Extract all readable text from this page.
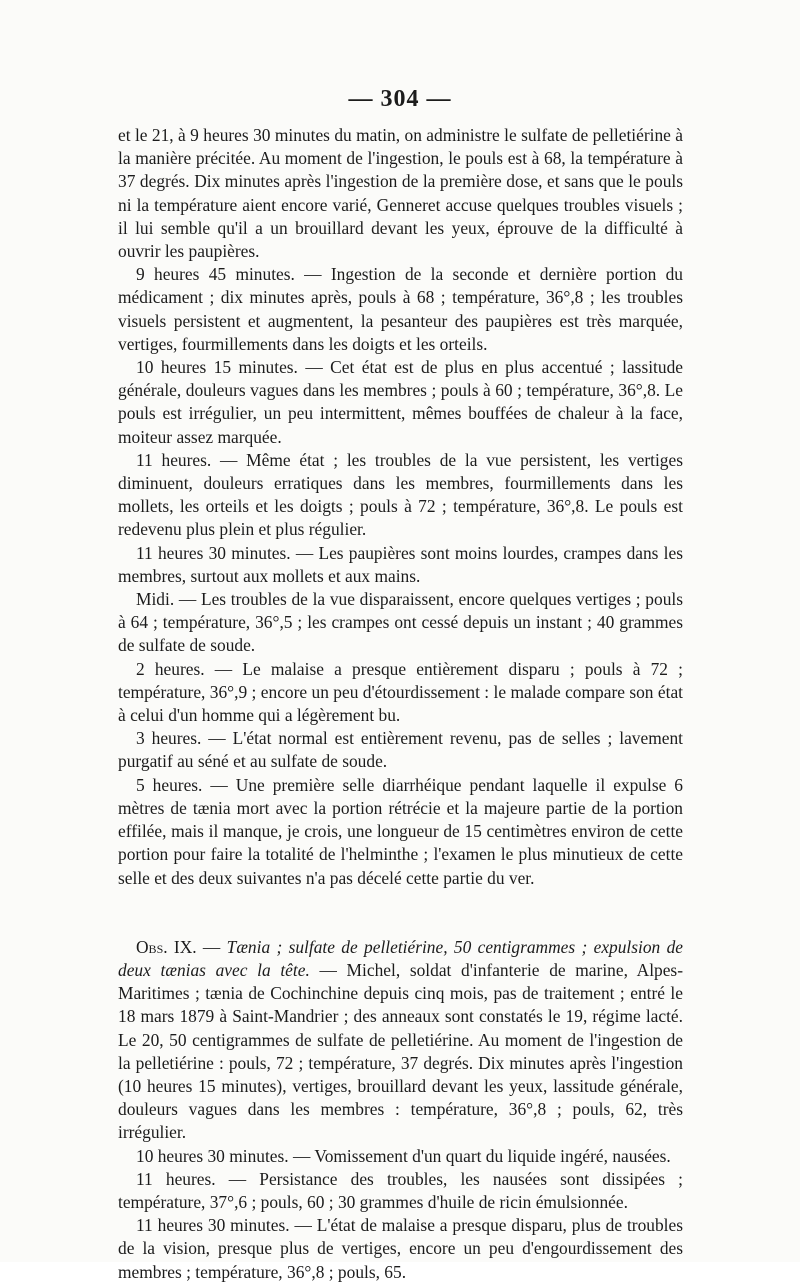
— 304 —

et le 21, à 9 heures 30 minutes du matin, on administre le sulfate de pelletiérine à la manière précitée. Au moment de l'ingestion, le pouls est à 68, la température à 37 degrés. Dix minutes après l'ingestion de la première dose, et sans que le pouls ni la température aient encore varié, Genneret accuse quelques troubles visuels ; il lui semble qu'il a un brouillard devant les yeux, éprouve de la difficulté à ouvrir les paupières.

9 heures 45 minutes. — Ingestion de la seconde et dernière portion du médicament ; dix minutes après, pouls à 68 ; température, 36°,8 ; les troubles visuels persistent et augmentent, la pesanteur des paupières est très marquée, vertiges, fourmillements dans les doigts et les orteils.

10 heures 15 minutes. — Cet état est de plus en plus accentué ; lassitude générale, douleurs vagues dans les membres ; pouls à 60 ; température, 36°,8. Le pouls est irrégulier, un peu intermittent, mêmes bouffées de chaleur à la face, moiteur assez marquée.

11 heures. — Même état ; les troubles de la vue persistent, les vertiges diminuent, douleurs erratiques dans les membres, fourmillements dans les mollets, les orteils et les doigts ; pouls à 72 ; température, 36°,8. Le pouls est redevenu plus plein et plus régulier.

11 heures 30 minutes. — Les paupières sont moins lourdes, crampes dans les membres, surtout aux mollets et aux mains.

Midi. — Les troubles de la vue disparaissent, encore quelques vertiges ; pouls à 64 ; température, 36°,5 ; les crampes ont cessé depuis un instant ; 40 grammes de sulfate de soude.

2 heures. — Le malaise a presque entièrement disparu ; pouls à 72 ; température, 36°,9 ; encore un peu d'étourdissement : le malade compare son état à celui d'un homme qui a légèrement bu.

3 heures. — L'état normal est entièrement revenu, pas de selles ; lavement purgatif au séné et au sulfate de soude.

5 heures. — Une première selle diarrhéique pendant laquelle il expulse 6 mètres de tænia mort avec la portion rétrécie et la majeure partie de la portion effilée, mais il manque, je crois, une longueur de 15 centimètres environ de cette portion pour faire la totalité de l'helminthe ; l'examen le plus minutieux de cette selle et des deux suivantes n'a pas décelé cette partie du ver.

Obs. IX. — Tænia ; sulfate de pelletiérine, 50 centigrammes ; expulsion de deux tænias avec la tête. — Michel, soldat d'infanterie de marine, Alpes-Maritimes ; tænia de Cochinchine depuis cinq mois, pas de traitement ; entré le 18 mars 1879 à Saint-Mandrier ; des anneaux sont constatés le 19, régime lacté. Le 20, 50 centigrammes de sulfate de pelletiérine. Au moment de l'ingestion de la pelletiérine : pouls, 72 ; température, 37 degrés. Dix minutes après l'ingestion (10 heures 15 minutes), vertiges, brouillard devant les yeux, lassitude générale, douleurs vagues dans les membres : température, 36°,8 ; pouls, 62, très irrégulier.

10 heures 30 minutes. — Vomissement d'un quart du liquide ingéré, nausées.

11 heures. — Persistance des troubles, les nausées sont dissipées ; température, 37°,6 ; pouls, 60 ; 30 grammes d'huile de ricin émulsionnée.

11 heures 30 minutes. — L'état de malaise a presque disparu, plus de troubles de la vision, presque plus de vertiges, encore un peu d'engourdissement des membres ; température, 36°,8 ; pouls, 65.
